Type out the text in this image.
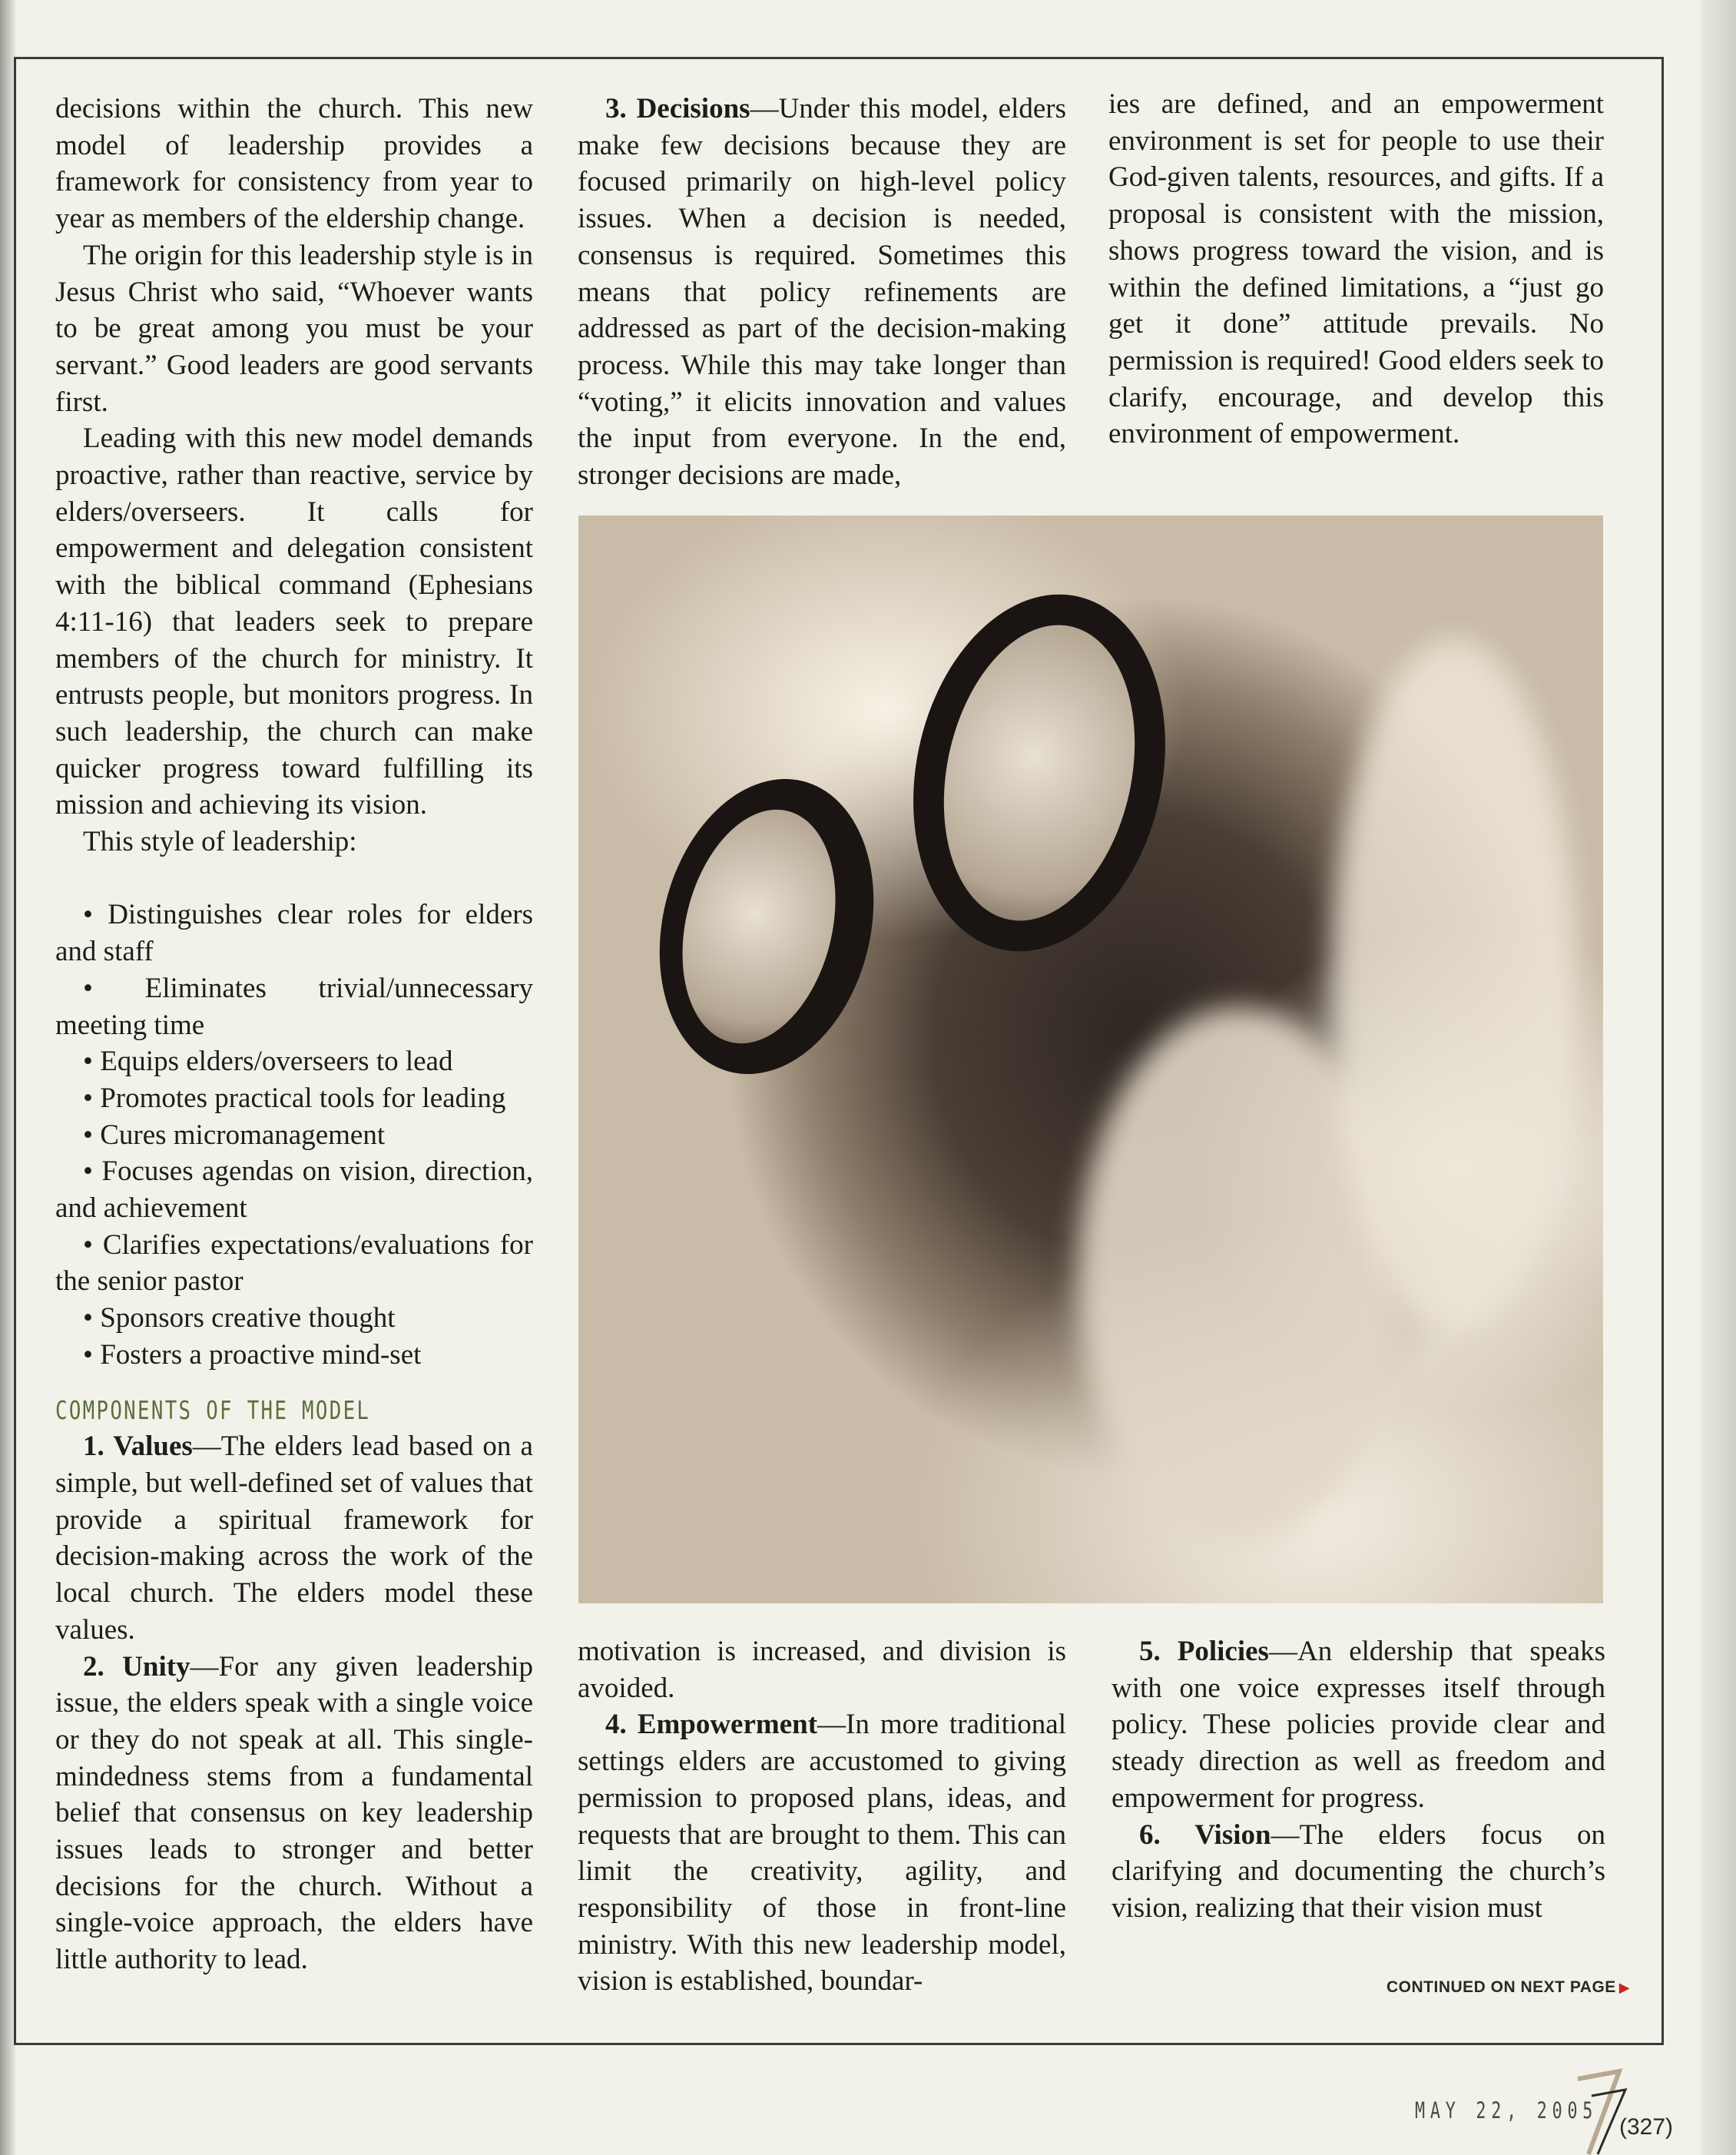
decisions within the church. This new model of leadership provides a framework for consistency from year to year as members of the eldership change.

The origin for this leadership style is in Jesus Christ who said, “Whoever wants to be great among you must be your servant.” Good leaders are good servants first.

Leading with this new model demands proactive, rather than reactive, service by elders/overseers. It calls for empowerment and delegation consistent with the biblical command (Ephesians 4:11-16) that leaders seek to prepare members of the church for ministry. It entrusts people, but monitors progress. In such leadership, the church can make quicker progress toward fulfilling its mission and achieving its vision.

This style of leadership:

• Distinguishes clear roles for elders and staff

• Eliminates trivial/unnecessary meeting time

• Equips elders/overseers to lead

• Promotes practical tools for leading

• Cures micromanagement

• Focuses agendas on vision, direction, and achievement

• Clarifies expectations/evaluations for the senior pastor

• Sponsors creative thought

• Fosters a proactive mind-set

COMPONENTS OF THE MODEL

1. Values—The elders lead based on a simple, but well-defined set of values that provide a spiritual framework for decision-making across the work of the local church. The elders model these values.

2. Unity—For any given leadership issue, the elders speak with a single voice or they do not speak at all. This single-mindedness stems from a fundamental belief that consensus on key leadership issues leads to stronger and better decisions for the church. Without a single-voice approach, the elders have little authority to lead.

3. Decisions—Under this model, elders make few decisions because they are focused primarily on high-level policy issues. When a decision is needed, consensus is required. Sometimes this means that policy refinements are addressed as part of the decision-making process. While this may take longer than “voting,” it elicits innovation and values the input from everyone. In the end, stronger decisions are made,

ies are defined, and an empowerment environment is set for people to use their God-given talents, resources, and gifts. If a proposal is consistent with the mission, shows progress toward the vision, and is within the defined limitations, a “just go get it done” attitude prevails. No permission is required! Good elders seek to clarify, encourage, and develop this environment of empowerment.

motivation is increased, and division is avoided.

4. Empowerment—In more traditional settings elders are accustomed to giving permission to proposed plans, ideas, and requests that are brought to them. This can limit the creativity, agility, and responsibility of those in front-line ministry. With this new leadership model, vision is established, boundar-

5. Policies—An eldership that speaks with one voice expresses itself through policy. These policies provide clear and steady direction as well as freedom and empowerment for progress.

6. Vision—The elders focus on clarifying and documenting the church’s vision, realizing that their vision must

CONTINUED ON NEXT PAGE ▶
MAY 22, 2005
(327)
